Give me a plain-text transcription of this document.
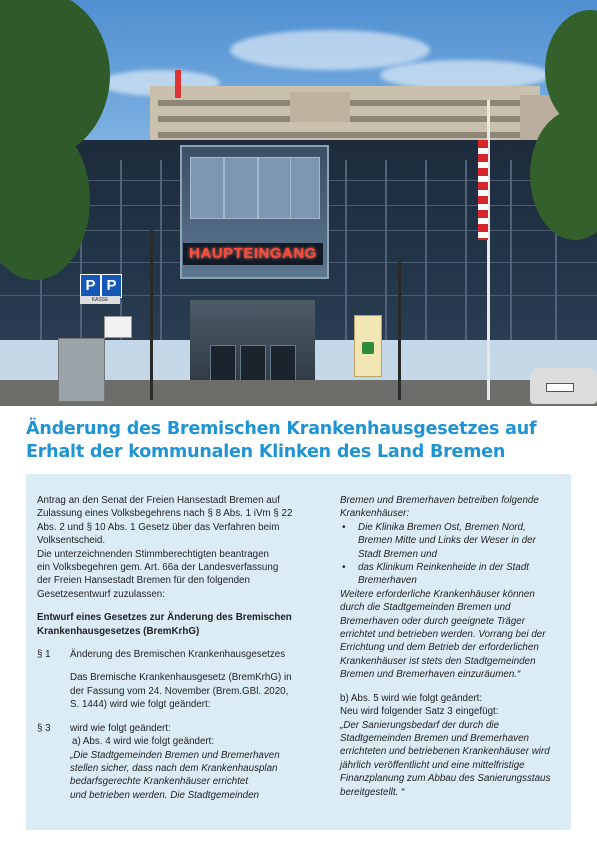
HAUPTEINGANG
P P
KASSE
Änderung des Bremischen Krankenhausgesetzes auf
Erhalt der kommunalen Klinken des Land Bremen

Antrag an den Senat der Freien Hansestadt Bremen auf
Zulassung eines Volksbegehrens nach § 8 Abs. 1 iVm § 22
Abs. 2 und § 10 Abs. 1 Gesetz über das Verfahren beim
Volksentscheid.

Die unterzeichnenden Stimmberechtigten beantragen
ein Volksbegehren gem. Art. 66a der Landesverfassung
der Freien Hansestadt Bremen für den folgenden
Gesetzesentwurf zuzulassen:

Entwurf eines Gesetzes zur Änderung des Bremischen
Krankenhausgesetzes (BremKrhG)

§ 1	Änderung des Bremischen Krankenhausgesetzes

Das Bremische Krankenhausgesetz (BremKrhG) in
der Fassung vom 24. November (Brem.GBl. 2020,
S. 1444) wird wie folgt geändert:

§ 3	wird wie folgt geändert:

a) Abs. 4 wird wie folgt geändert:

„Die Stadtgemeinden Bremen und Bremerhaven
stellen sicher, dass nach dem Krankenhausplan
bedarfsgerechte Krankenhäuser errichtet
und betrieben werden. Die Stadtgemeinden

Bremen und Bremerhaven betreiben folgende
Krankenhäuser:

•	Die Klinika Bremen Ost, Bremen Nord,
Bremen Mitte und Links der Weser in der
Stadt Bremen und
•	das Klinikum Reinkenheide in der Stadt
Bremerhaven

Weitere erforderliche Krankenhäuser können
durch die Stadtgemeinden Bremen und
Bremerhaven oder durch geeignete Träger
errichtet und betrieben werden. Vorrang bei der
Errichtung und dem Betrieb der erforderlichen
Krankenhäuser ist stets den Stadtgemeinden
Bremen und Bremerhaven einzuräumen.“

b) Abs. 5 wird wie folgt geändert:
Neu wird folgender Satz 3 eingefügt:

„Der Sanierungsbedarf der durch die
Stadtgemeinden Bremen und Bremerhaven
errichteten und betriebenen Krankenhäuser wird
jährlich veröffentlicht und eine mittelfristige
Finanzplanung zum Abbau des Sanierungsstaus
bereitgestellt. “
